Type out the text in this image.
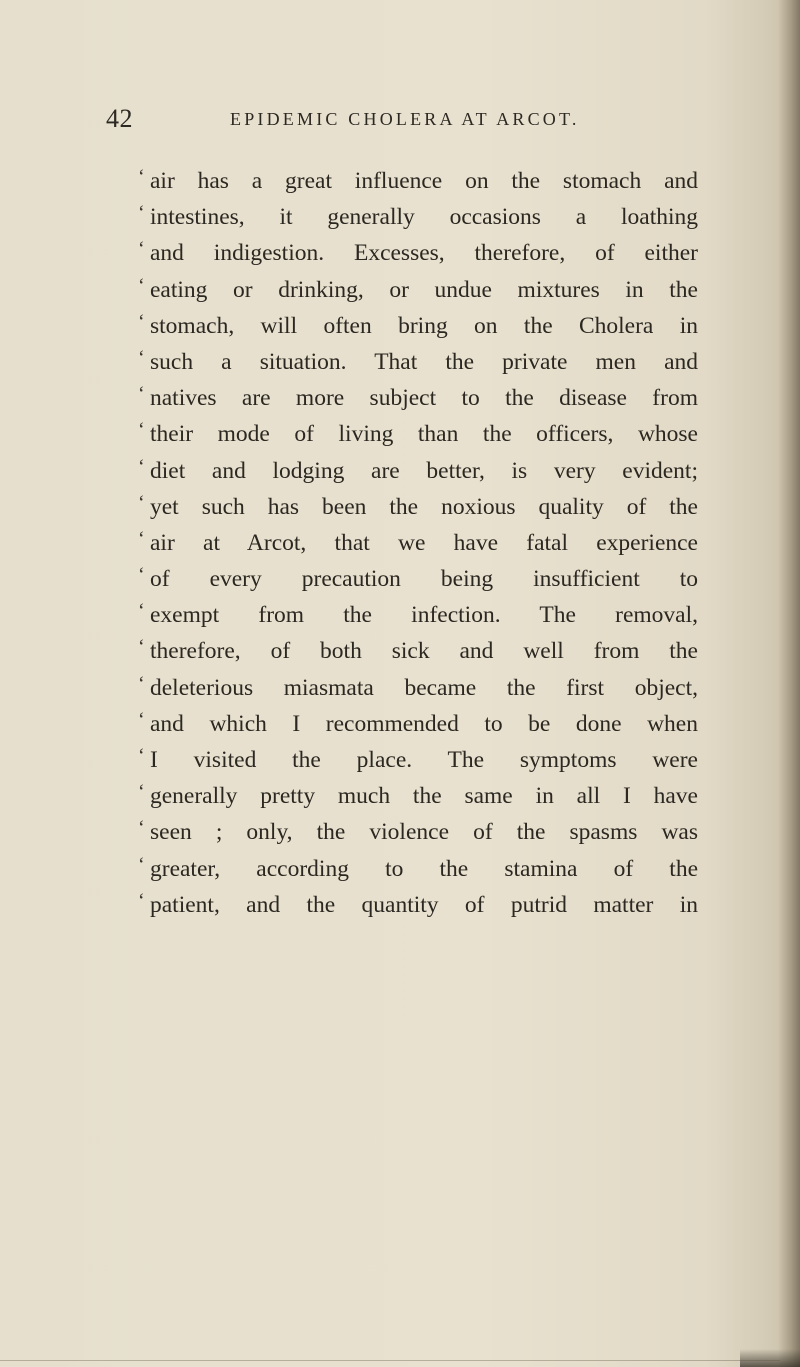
42	EPIDEMIC CHOLERA AT ARCOT.
‘ air has a great influence on the stomach and
‘ intestines, it generally occasions a loathing
‘ and indigestion. Excesses, therefore, of either
‘ eating or drinking, or undue mixtures in the
‘ stomach, will often bring on the Cholera in
‘ such a situation. That the private men and
‘ natives are more subject to the disease from
‘ their mode of living than the officers, whose
‘ diet and lodging are better, is very evident;
‘ yet such has been the noxious quality of the
‘ air at Arcot, that we have fatal experience
‘ of every precaution being insufficient to
‘ exempt from the infection. The removal,
‘ therefore, of both sick and well from the
‘ deleterious miasmata became the first object,
‘ and which I recommended to be done when
‘ I visited the place. The symptoms were
‘ generally pretty much the same in all I have
‘ seen ; only, the violence of the spasms was
‘ greater, according to the stamina of the
‘ patient, and the quantity of putrid matter in
